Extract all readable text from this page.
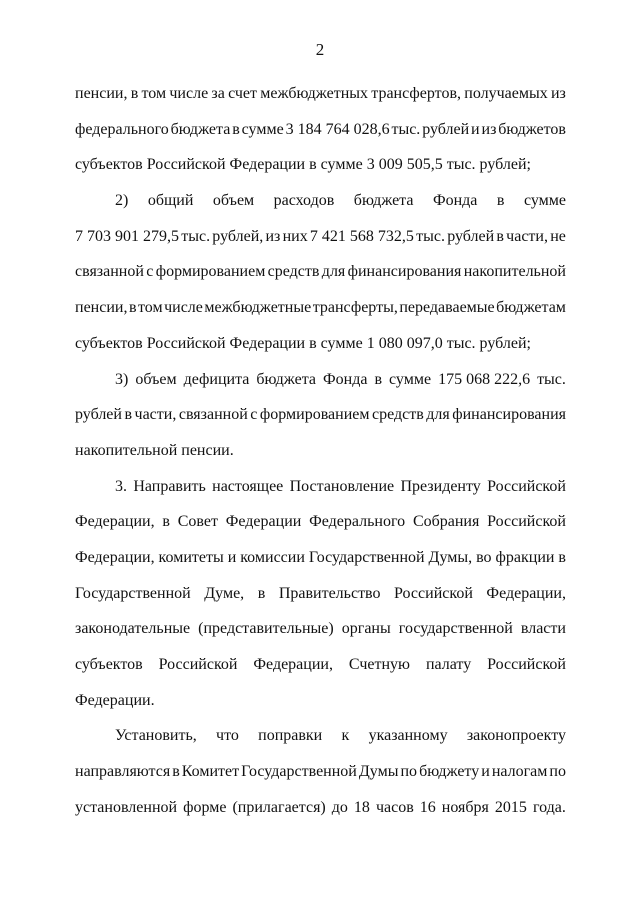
2
пенсии, в том числе за счет межбюджетных трансфертов, получаемых из
федерального бюджета в сумме 3 184 764 028,6 тыс. рублей и из бюджетов
субъектов Российской Федерации в сумме 3 009 505,5 тыс. рублей;
2) общий объем расходов бюджета Фонда в сумме
7 703 901 279,5 тыс. рублей, из них 7 421 568 732,5 тыс. рублей в части, не
связанной с формированием средств для финансирования накопительной
пенсии, в том числе межбюджетные трансферты, передаваемые бюджетам
субъектов Российской Федерации в сумме 1 080 097,0 тыс. рублей;
3) объем дефицита бюджета Фонда в сумме 175 068 222,6 тыс.
рублей в части, связанной с формированием средств для финансирования
накопительной пенсии.
3. Направить настоящее Постановление Президенту Российской
Федерации, в Совет Федерации Федерального Собрания Российской
Федерации, комитеты и комиссии Государственной Думы, во фракции в
Государственной Думе, в Правительство Российской Федерации,
законодательные (представительные) органы государственной власти
субъектов Российской Федерации, Счетную палату Российской
Федерации.
Установить, что поправки к указанному законопроекту
направляются в Комитет Государственной Думы по бюджету и налогам по
установленной форме (прилагается) до 18 часов 16 ноября 2015 года.
